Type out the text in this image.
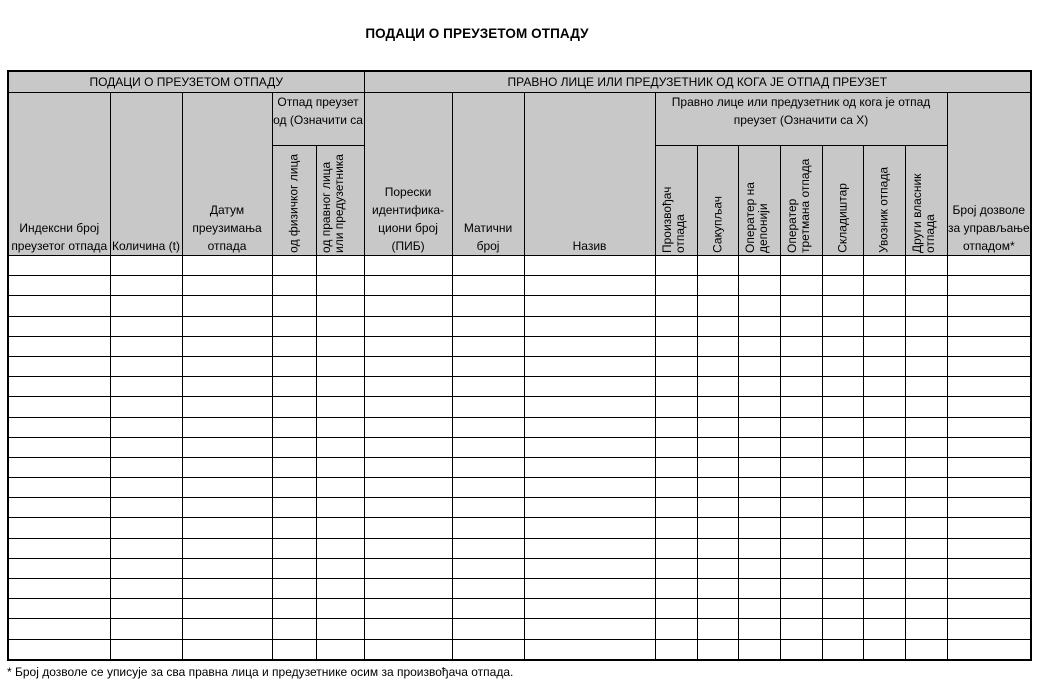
ПОДАЦИ О ПРЕУЗЕТОМ ОТПАДУ
ПОДАЦИ О ПРЕУЗЕТОМ ОТПАДУ					ПРАВНО ЛИЦЕ ИЛИ ПРЕДУЗЕТНИК ОД КОГА ЈЕ ОТПАД ПРЕУЗЕТ										
Индексни број преузетог отпада	Количина (t)	Датум преузимања отпада	Отпад преузет од (Означити са		Порески идентифика-циони број (ПИБ)	Матични број	Назив	Правно лице или предузетник од кога је отпад преузет (Означити са Х)							Број дозволе за управљање отпадом*

			од физичког лица	од правног лица или предузетника				Произвођач отпада	Сакупљач	Оператер на депонији	Оператер третмана отпада	Складиштар	Увозник отпада	Други власник отпада	

* Број дозволе се уписује за сва правна лица и предузетнике осим за произвођача отпада.
